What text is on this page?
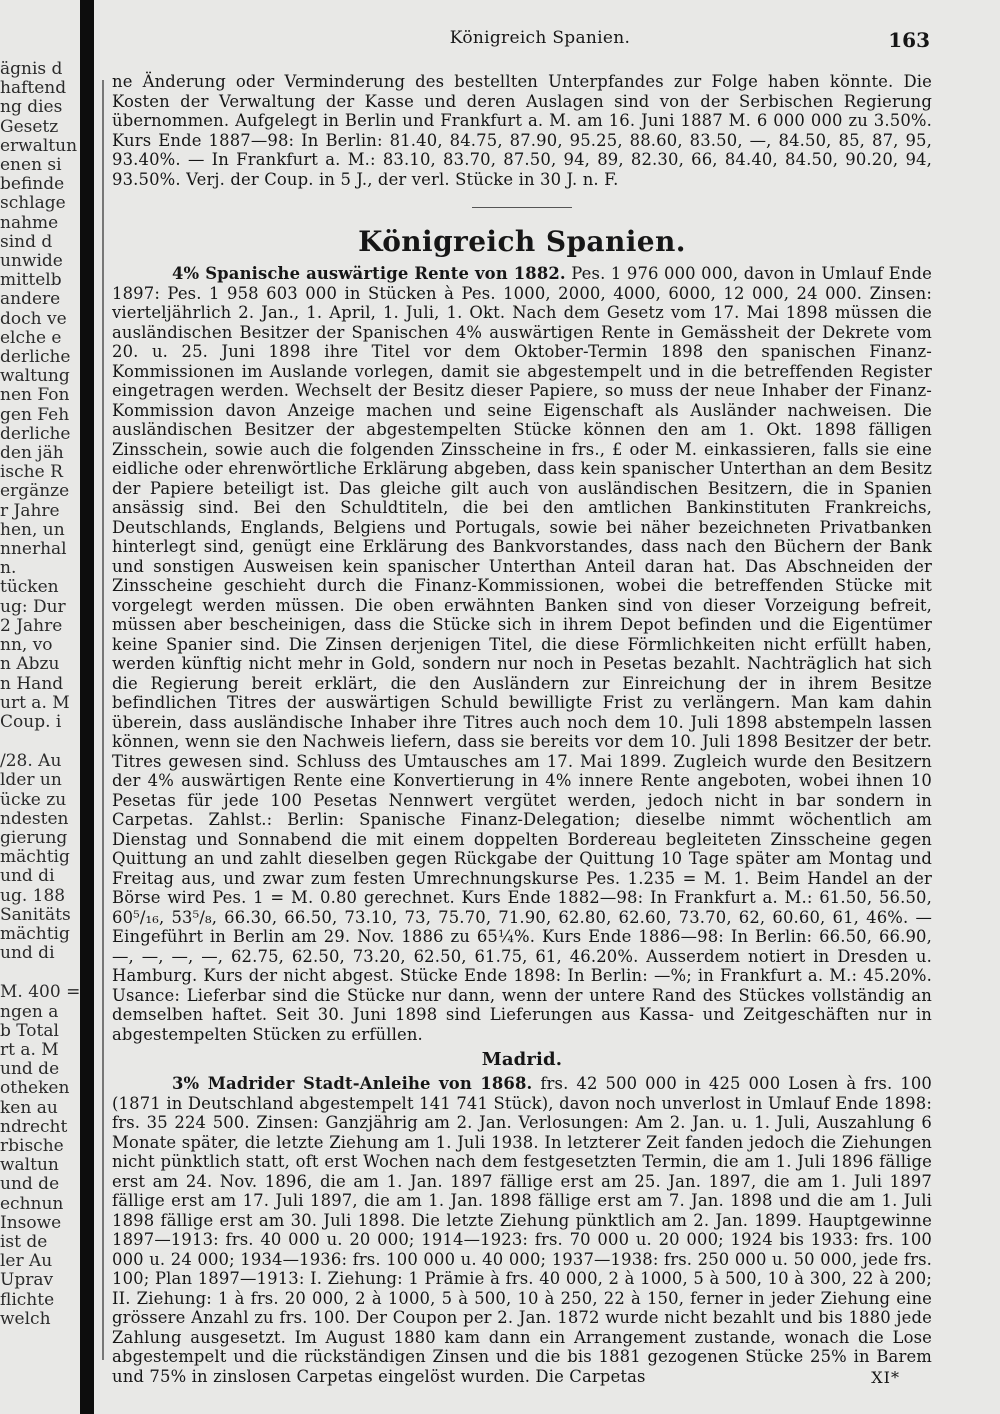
ägnis d
haftend
ng dies
Gesetz
erwaltun
enen si
befinde
schlage
nahme
sind d
unwide
mittelb
andere
doch ve
elche e
derliche
waltung
nen Fon
gen Feh
derliche
den jäh
ische R
ergänze
r Jahre
hen, un
nnerhal
n.
tücken
ug: Dur
2 Jahre
nn, vo
n Abzu
n Hand
urt a. M
Coup. i
/28. Au
lder un
ücke zu
ndesten
gierung
mächtig
und di
ug. 188
Sanitäts
mächtig
und di
M. 400 =
ngen a
b Total
rt a. M
und de
otheken
ken au
ndrecht
rbische
waltun
und de
echnun
Insowe
ist de
ler Au
Uprav
flichte
welch
Königreich Spanien.	163

ne Änderung oder Verminderung des bestellten Unterpfandes zur Folge haben könnte. Die Kosten der Verwaltung der Kasse und deren Auslagen sind von der Serbischen Regierung übernommen. Aufgelegt in Berlin und Frankfurt a. M. am 16. Juni 1887 M. 6 000 000 zu 3.50%. Kurs Ende 1887—98: In Berlin: 81.40, 84.75, 87.90, 95.25, 88.60, 83.50, —, 84.50, 85, 87, 95, 93.40%. — In Frankfurt a. M.: 83.10, 83.70, 87.50, 94, 89, 82.30, 66, 84.40, 84.50, 90.20, 94, 93.50%. Verj. der Coup. in 5 J., der verl. Stücke in 30 J. n. F.

Königreich Spanien.

4% Spanische auswärtige Rente von 1882. Pes. 1 976 000 000, davon in Umlauf Ende 1897: Pes. 1 958 603 000 in Stücken à Pes. 1000, 2000, 4000, 6000, 12 000, 24 000. Zinsen: vierteljährlich 2. Jan., 1. April, 1. Juli, 1. Okt. Nach dem Gesetz vom 17. Mai 1898 müssen die ausländischen Besitzer der Spanischen 4% auswärtigen Rente in Gemässheit der Dekrete vom 20. u. 25. Juni 1898 ihre Titel vor dem Oktober-Termin 1898 den spanischen Finanz-Kommissionen im Auslande vorlegen, damit sie abgestempelt und in die betreffenden Register eingetragen werden. Wechselt der Besitz dieser Papiere, so muss der neue Inhaber der Finanz-Kommission davon Anzeige machen und seine Eigenschaft als Ausländer nachweisen. Die ausländischen Besitzer der abgestempelten Stücke können den am 1. Okt. 1898 fälligen Zinsschein, sowie auch die folgenden Zinsscheine in frs., £ oder M. einkassieren, falls sie eine eidliche oder ehrenwörtliche Erklärung abgeben, dass kein spanischer Unterthan an dem Besitz der Papiere beteiligt ist. Das gleiche gilt auch von ausländischen Besitzern, die in Spanien ansässig sind. Bei den Schuldtiteln, die bei den amtlichen Bankinstituten Frankreichs, Deutschlands, Englands, Belgiens und Portugals, sowie bei näher bezeichneten Privatbanken hinterlegt sind, genügt eine Erklärung des Bankvorstandes, dass nach den Büchern der Bank und sonstigen Ausweisen kein spanischer Unterthan Anteil daran hat. Das Abschneiden der Zinsscheine geschieht durch die Finanz-Kommissionen, wobei die betreffenden Stücke mit vorgelegt werden müssen. Die oben erwähnten Banken sind von dieser Vorzeigung befreit, müssen aber bescheinigen, dass die Stücke sich in ihrem Depot befinden und die Eigentümer keine Spanier sind. Die Zinsen derjenigen Titel, die diese Förmlichkeiten nicht erfüllt haben, werden künftig nicht mehr in Gold, sondern nur noch in Pesetas bezahlt. Nachträglich hat sich die Regierung bereit erklärt, die den Ausländern zur Einreichung der in ihrem Besitze befindlichen Titres der auswärtigen Schuld bewilligte Frist zu verlängern. Man kam dahin überein, dass ausländische Inhaber ihre Titres auch noch dem 10. Juli 1898 abstempeln lassen können, wenn sie den Nachweis liefern, dass sie bereits vor dem 10. Juli 1898 Besitzer der betr. Titres gewesen sind. Schluss des Umtausches am 17. Mai 1899. Zugleich wurde den Besitzern der 4% auswärtigen Rente eine Konvertierung in 4% innere Rente angeboten, wobei ihnen 10 Pesetas für jede 100 Pesetas Nennwert vergütet werden, jedoch nicht in bar sondern in Carpetas. Zahlst.: Berlin: Spanische Finanz-Delegation; dieselbe nimmt wöchentlich am Dienstag und Sonnabend die mit einem doppelten Bordereau begleiteten Zinsscheine gegen Quittung an und zahlt dieselben gegen Rückgabe der Quittung 10 Tage später am Montag und Freitag aus, und zwar zum festen Umrechnungskurse Pes. 1.235 = M. 1. Beim Handel an der Börse wird Pes. 1 = M. 0.80 gerechnet. Kurs Ende 1882—98: In Frankfurt a. M.: 61.50, 56.50, 60⁵/₁₆, 53⁵/₈, 66.30, 66.50, 73.10, 73, 75.70, 71.90, 62.80, 62.60, 73.70, 62, 60.60, 61, 46%. — Eingeführt in Berlin am 29. Nov. 1886 zu 65¼%. Kurs Ende 1886—98: In Berlin: 66.50, 66.90, —, —, —, —, 62.75, 62.50, 73.20, 62.50, 61.75, 61, 46.20%. Ausserdem notiert in Dresden u. Hamburg. Kurs der nicht abgest. Stücke Ende 1898: In Berlin: —%; in Frankfurt a. M.: 45.20%. Usance: Lieferbar sind die Stücke nur dann, wenn der untere Rand des Stückes vollständig an demselben haftet. Seit 30. Juni 1898 sind Lieferungen aus Kassa- und Zeitgeschäften nur in abgestempelten Stücken zu erfüllen.

Madrid.

3% Madrider Stadt-Anleihe von 1868. frs. 42 500 000 in 425 000 Losen à frs. 100 (1871 in Deutschland abgestempelt 141 741 Stück), davon noch unverlost in Umlauf Ende 1898: frs. 35 224 500. Zinsen: Ganzjährig am 2. Jan. Verlosungen: Am 2. Jan. u. 1. Juli, Auszahlung 6 Monate später, die letzte Ziehung am 1. Juli 1938. In letzterer Zeit fanden jedoch die Ziehungen nicht pünktlich statt, oft erst Wochen nach dem festgesetzten Termin, die am 1. Juli 1896 fällige erst am 24. Nov. 1896, die am 1. Jan. 1897 fällige erst am 25. Jan. 1897, die am 1. Juli 1897 fällige erst am 17. Juli 1897, die am 1. Jan. 1898 fällige erst am 7. Jan. 1898 und die am 1. Juli 1898 fällige erst am 30. Juli 1898. Die letzte Ziehung pünktlich am 2. Jan. 1899. Hauptgewinne 1897—1913: frs. 40 000 u. 20 000; 1914—1923: frs. 70 000 u. 20 000; 1924 bis 1933: frs. 100 000 u. 24 000; 1934—1936: frs. 100 000 u. 40 000; 1937—1938: frs. 250 000 u. 50 000, jede frs. 100; Plan 1897—1913: I. Ziehung: 1 Prämie à frs. 40 000, 2 à 1000, 5 à 500, 10 à 300, 22 à 200; II. Ziehung: 1 à frs. 20 000, 2 à 1000, 5 à 500, 10 à 250, 22 à 150, ferner in jeder Ziehung eine grössere Anzahl zu frs. 100. Der Coupon per 2. Jan. 1872 wurde nicht bezahlt und bis 1880 jede Zahlung ausgesetzt. Im August 1880 kam dann ein Arrangement zustande, wonach die Lose abgestempelt und die rückständigen Zinsen und die bis 1881 gezogenen Stücke 25% in Barem und 75% in zinslosen Carpetas eingelöst wurden. Die Carpetas	XI*
